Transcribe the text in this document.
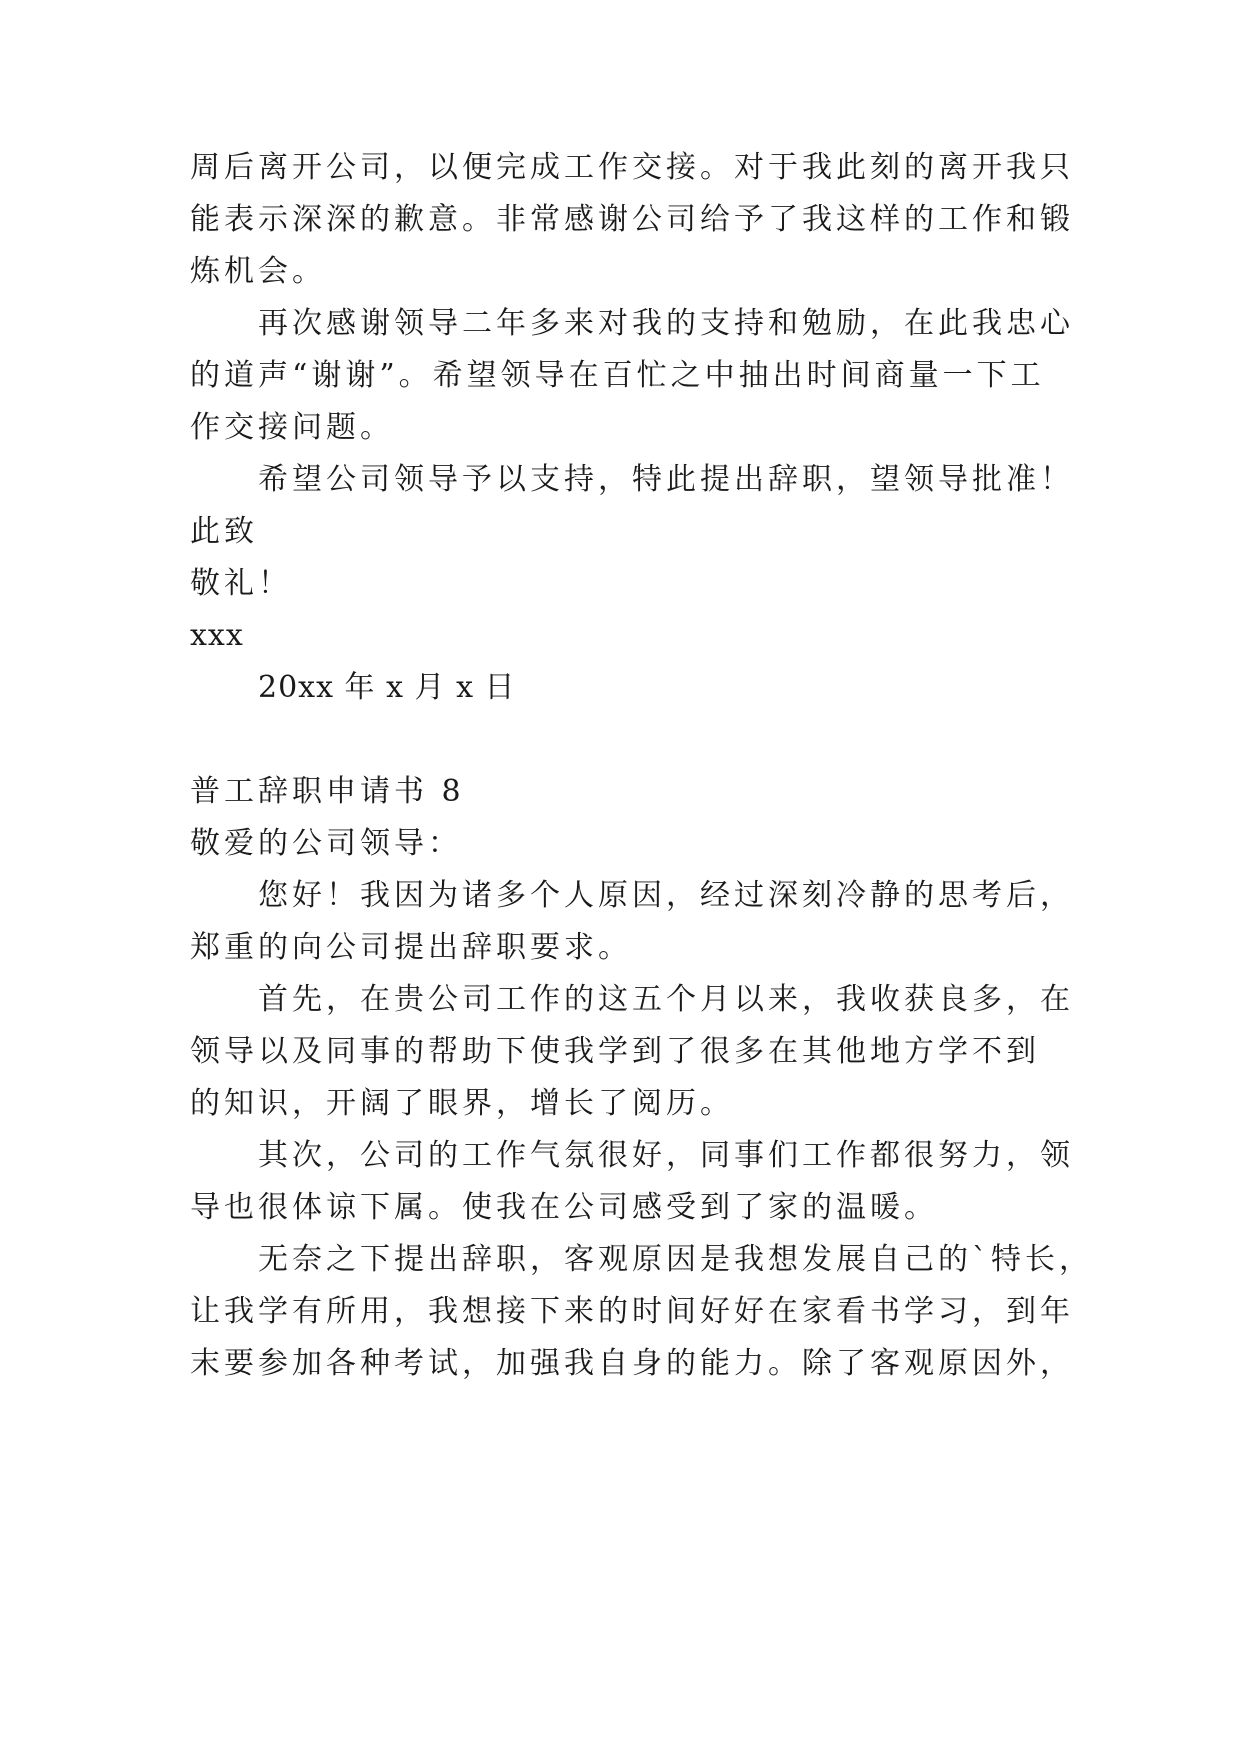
周后离开公司，以便完成工作交接。对于我此刻的离开我只
能表示深深的歉意。非常感谢公司给予了我这样的工作和锻
炼机会。
再次感谢领导二年多来对我的支持和勉励，在此我忠心
的道声“谢谢”。希望领导在百忙之中抽出时间商量一下工
作交接问题。
希望公司领导予以支持，特此提出辞职，望领导批准！
此致
敬礼！
xxx
20xx 年 x 月 x 日
普工辞职申请书 8
敬爱的公司领导：
您好！我因为诸多个人原因，经过深刻冷静的思考后，
郑重的向公司提出辞职要求。
首先，在贵公司工作的这五个月以来，我收获良多，在
领导以及同事的帮助下使我学到了很多在其他地方学不到
的知识，开阔了眼界，增长了阅历。
其次，公司的工作气氛很好，同事们工作都很努力，领
导也很体谅下属。使我在公司感受到了家的温暖。
无奈之下提出辞职，客观原因是我想发展自己的`特长，
让我学有所用，我想接下来的时间好好在家看书学习，到年
末要参加各种考试，加强我自身的能力。除了客观原因外，
